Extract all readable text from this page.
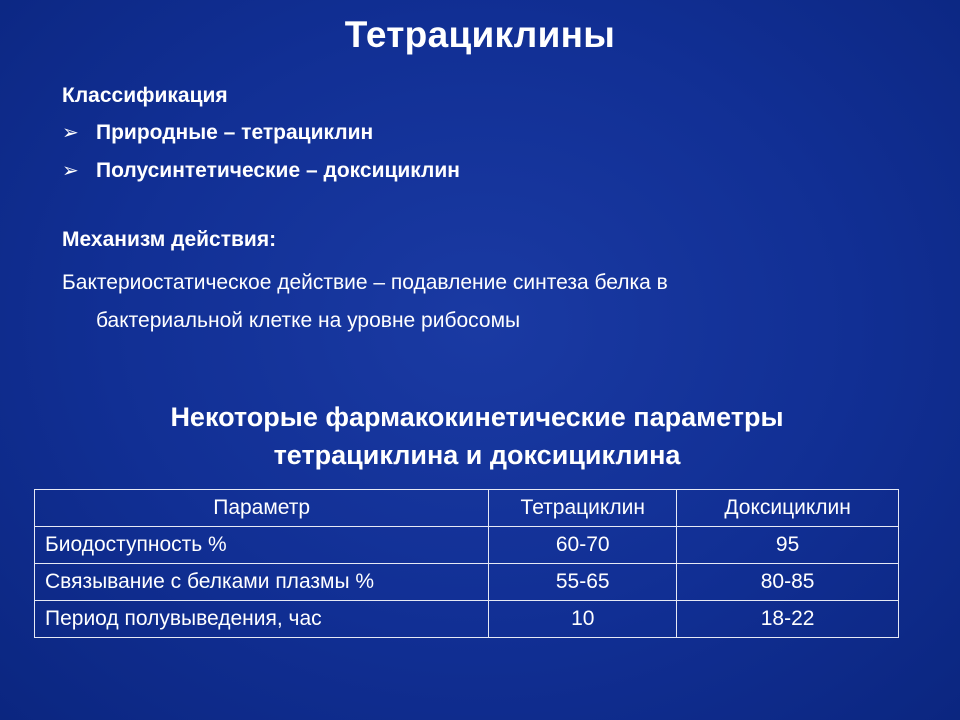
Тетрациклины
Классификация
➢ Природные – тетрациклин
➢ Полусинтетические – доксициклин
Механизм действия:
Бактериостатическое действие – подавление синтеза белка в
бактериальной клетке на уровне рибосомы
Некоторые фармакокинетические параметры
тетрациклина и доксициклина
Параметр	Тетрациклин	Доксициклин
Биодоступность %	60-70	95
Связывание с белками плазмы %	55-65	80-85
Период полувыведения, час	10	18-22
